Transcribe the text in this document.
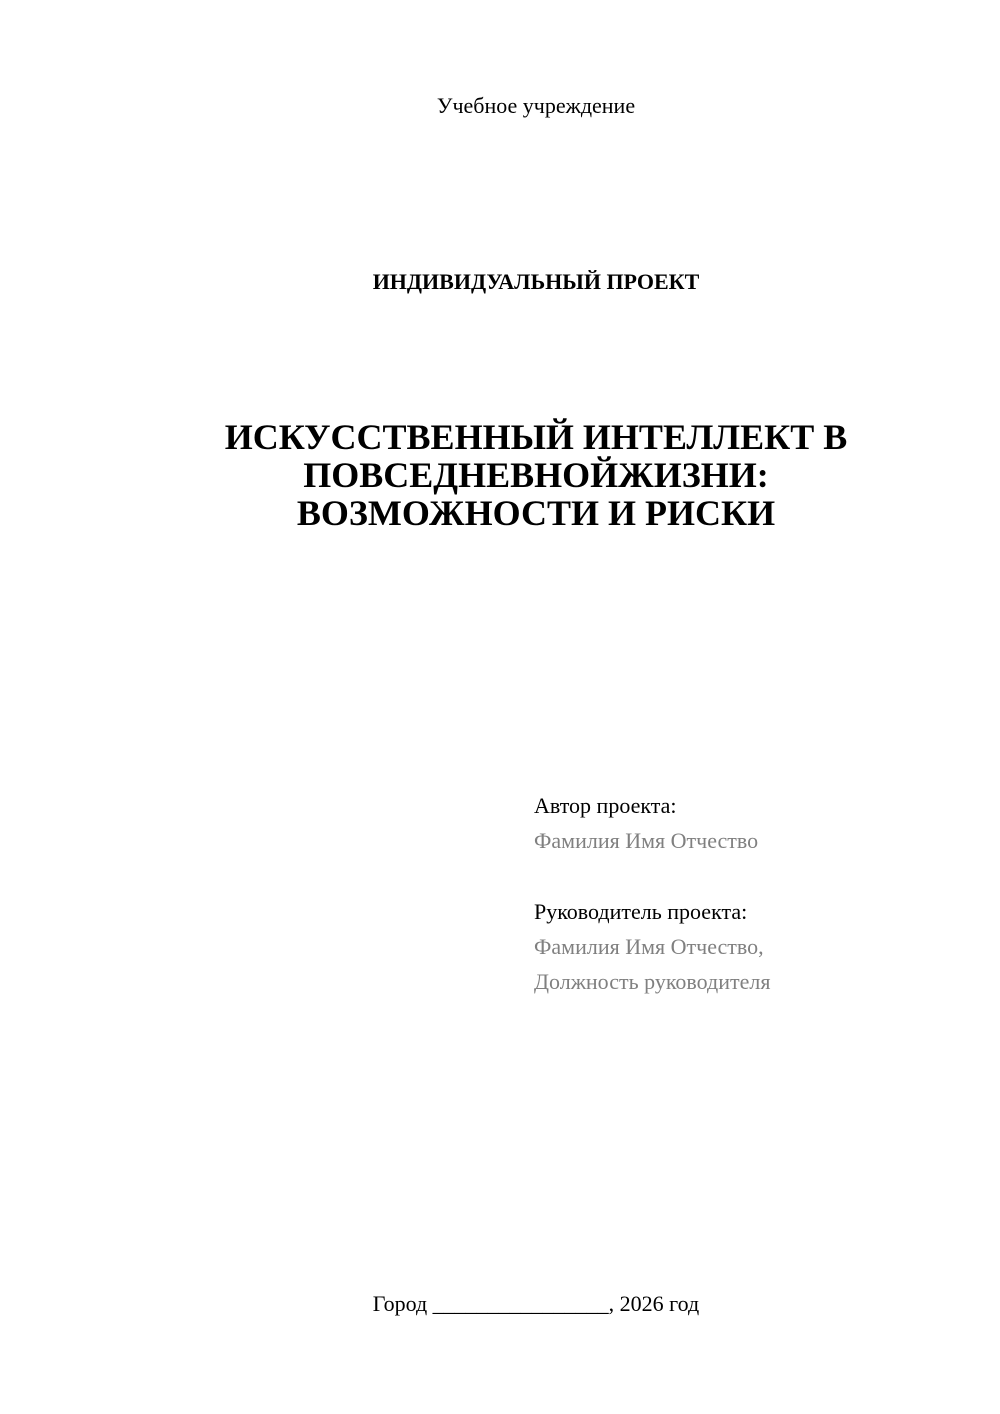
Учебное учреждение
ИНДИВИДУАЛЬНЫЙ ПРОЕКТ
ИСКУССТВЕННЫЙ ИНТЕЛЛЕКТ В
ПОВСЕДНЕВНОЙЖИЗНИ:
ВОЗМОЖНОСТИ И РИСКИ
Автор проекта:
Фамилия Имя Отчество
Руководитель проекта:
Фамилия Имя Отчество,
Должность руководителя
Город ________________, 2026 год
